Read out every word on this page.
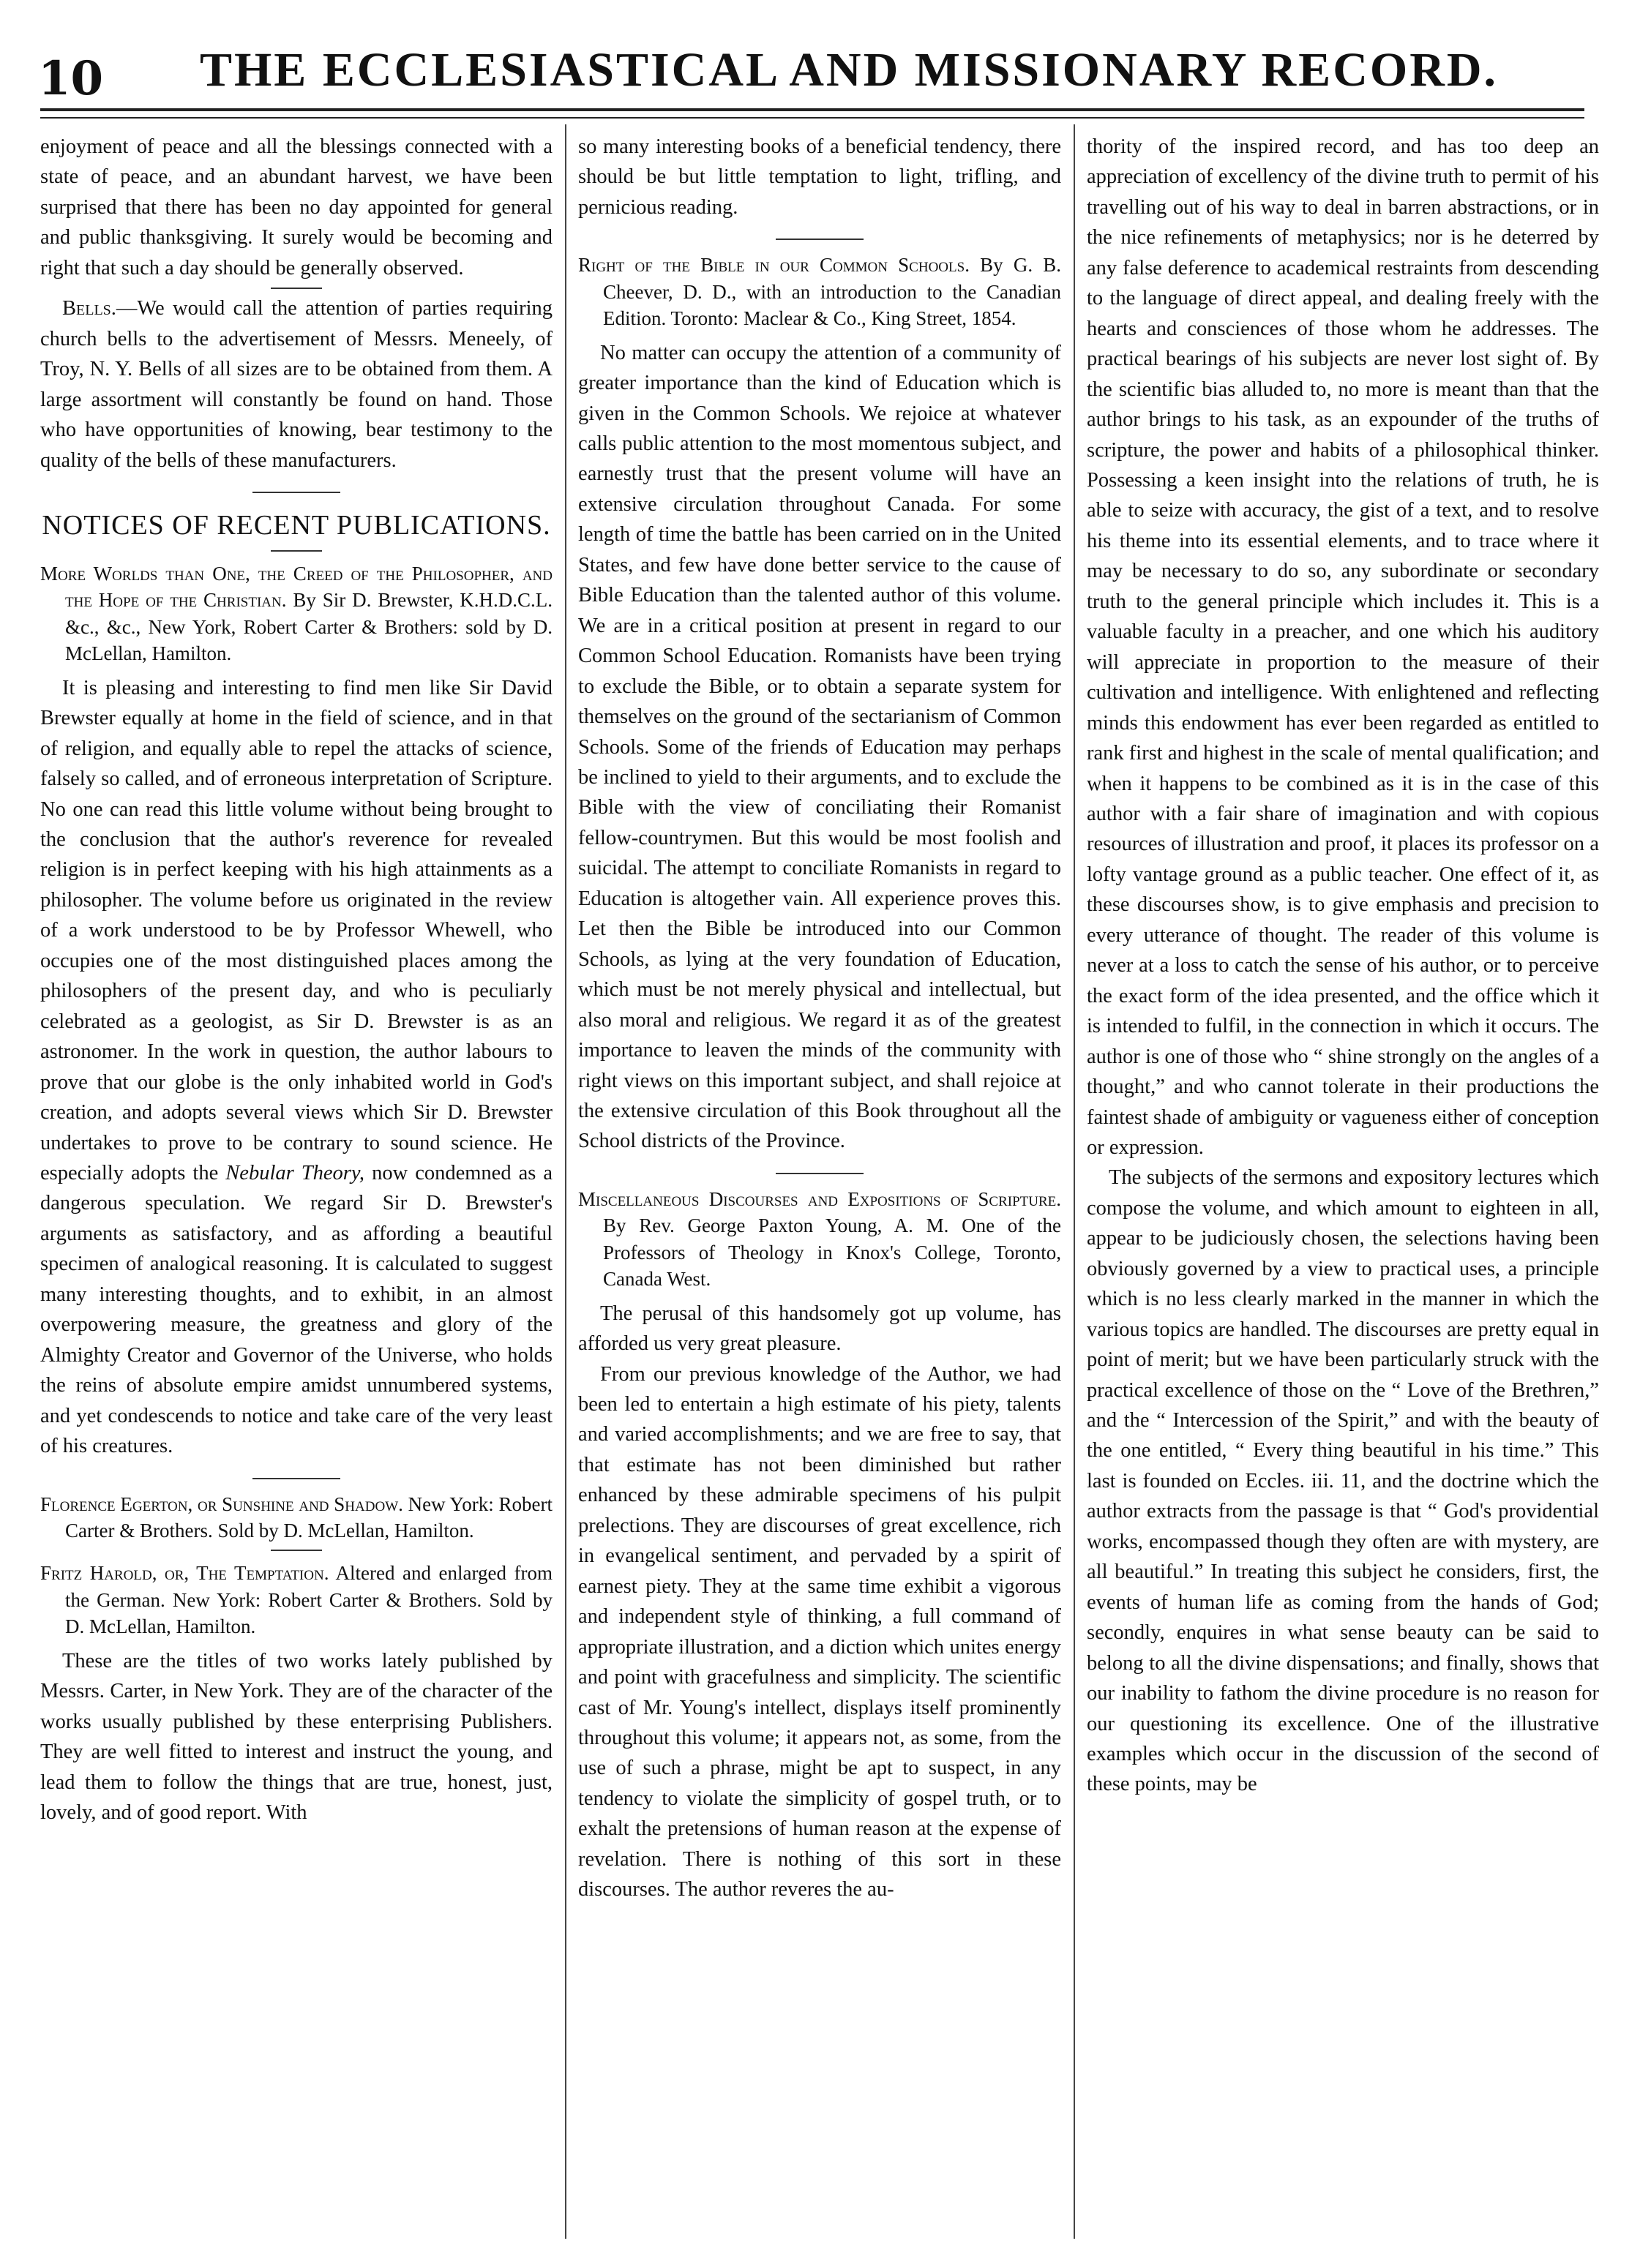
10	THE ECCLESIASTICAL AND MISSIONARY RECORD.

enjoyment of peace and all the blessings connected with a state of peace, and an abundant harvest, we have been surprised that there has been no day appointed for general and public thanksgiving. It surely would be becoming and right that such a day should be generally observed.

Bells.—We would call the attention of parties requiring church bells to the advertisement of Messrs. Meneely, of Troy, N. Y. Bells of all sizes are to be obtained from them. A large assortment will constantly be found on hand. Those who have opportunities of knowing, bear testimony to the quality of the bells of these manufacturers.

NOTICES OF RECENT PUBLICATIONS.
More Worlds than One, the Creed of the Philosopher, and the Hope of the Christian. By Sir D. Brewster, K.H.D.C.L. &c., &c., New York, Robert Carter & Brothers: sold by D. McLellan, Hamilton.

It is pleasing and interesting to find men like Sir David Brewster equally at home in the field of science, and in that of religion, and equally able to repel the attacks of science, falsely so called, and of erroneous interpretation of Scripture. No one can read this little volume without being brought to the conclusion that the author's reverence for revealed religion is in perfect keeping with his high attainments as a philosopher. The volume before us originated in the review of a work understood to be by Professor Whewell, who occupies one of the most distinguished places among the philosophers of the present day, and who is peculiarly celebrated as a geologist, as Sir D. Brewster is as an astronomer. In the work in question, the author labours to prove that our globe is the only inhabited world in God's creation, and adopts several views which Sir D. Brewster undertakes to prove to be contrary to sound science. He especially adopts the Nebular Theory, now condemned as a dangerous speculation. We regard Sir D. Brewster's arguments as satisfactory, and as affording a beautiful specimen of analogical reasoning. It is calculated to suggest many interesting thoughts, and to exhibit, in an almost overpowering measure, the greatness and glory of the Almighty Creator and Governor of the Universe, who holds the reins of absolute empire amidst unnumbered systems, and yet condescends to notice and take care of the very least of his creatures.

Florence Egerton, or Sunshine and Shadow. New York: Robert Carter & Brothers. Sold by D. McLellan, Hamilton.
Fritz Harold, or, The Temptation. Altered and enlarged from the German. New York: Robert Carter & Brothers. Sold by D. McLellan, Hamilton.

These are the titles of two works lately published by Messrs. Carter, in New York. They are of the character of the works usually published by these enterprising Publishers. They are well fitted to interest and instruct the young, and lead them to follow the things that are true, honest, just, lovely, and of good report. With

so many interesting books of a beneficial tendency, there should be but little temptation to light, trifling, and pernicious reading.

Right of the Bible in our Common Schools. By G. B. Cheever, D. D., with an introduction to the Canadian Edition. Toronto: Maclear & Co., King Street, 1854.

No matter can occupy the attention of a community of greater importance than the kind of Education which is given in the Common Schools. We rejoice at whatever calls public attention to the most momentous subject, and earnestly trust that the present volume will have an extensive circulation throughout Canada. For some length of time the battle has been carried on in the United States, and few have done better service to the cause of Bible Education than the talented author of this volume. We are in a critical position at present in regard to our Common School Education. Romanists have been trying to exclude the Bible, or to obtain a separate system for themselves on the ground of the sectarianism of Common Schools. Some of the friends of Education may perhaps be inclined to yield to their arguments, and to exclude the Bible with the view of conciliating their Romanist fellow-countrymen. But this would be most foolish and suicidal. The attempt to conciliate Romanists in regard to Education is altogether vain. All experience proves this. Let then the Bible be introduced into our Common Schools, as lying at the very foundation of Education, which must be not merely physical and intellectual, but also moral and religious. We regard it as of the greatest importance to leaven the minds of the community with right views on this important subject, and shall rejoice at the extensive circulation of this Book throughout all the School districts of the Province.

Miscellaneous Discourses and Expositions of Scripture. By Rev. George Paxton Young, A. M. One of the Professors of Theology in Knox's College, Toronto, Canada West.

The perusal of this handsomely got up volume, has afforded us very great pleasure.

From our previous knowledge of the Author, we had been led to entertain a high estimate of his piety, talents and varied accomplishments; and we are free to say, that that estimate has not been diminished but rather enhanced by these admirable specimens of his pulpit prelections. They are discourses of great excellence, rich in evangelical sentiment, and pervaded by a spirit of earnest piety. They at the same time exhibit a vigorous and independent style of thinking, a full command of appropriate illustration, and a diction which unites energy and point with gracefulness and simplicity. The scientific cast of Mr. Young's intellect, displays itself prominently throughout this volume; it appears not, as some, from the use of such a phrase, might be apt to suspect, in any tendency to violate the simplicity of gospel truth, or to exhalt the pretensions of human reason at the expense of revelation. There is nothing of this sort in these discourses. The author reveres the au-

thority of the inspired record, and has too deep an appreciation of excellency of the divine truth to permit of his travelling out of his way to deal in barren abstractions, or in the nice refinements of metaphysics; nor is he deterred by any false deference to academical restraints from descending to the language of direct appeal, and dealing freely with the hearts and consciences of those whom he addresses. The practical bearings of his subjects are never lost sight of. By the scientific bias alluded to, no more is meant than that the author brings to his task, as an expounder of the truths of scripture, the power and habits of a philosophical thinker. Possessing a keen insight into the relations of truth, he is able to seize with accuracy, the gist of a text, and to resolve his theme into its essential elements, and to trace where it may be necessary to do so, any subordinate or secondary truth to the general principle which includes it. This is a valuable faculty in a preacher, and one which his auditory will appreciate in proportion to the measure of their cultivation and intelligence. With enlightened and reflecting minds this endowment has ever been regarded as entitled to rank first and highest in the scale of mental qualification; and when it happens to be combined as it is in the case of this author with a fair share of imagination and with copious resources of illustration and proof, it places its professor on a lofty vantage ground as a public teacher. One effect of it, as these discourses show, is to give emphasis and precision to every utterance of thought. The reader of this volume is never at a loss to catch the sense of his author, or to perceive the exact form of the idea presented, and the office which it is intended to fulfil, in the connection in which it occurs. The author is one of those who “ shine strongly on the angles of a thought,” and who cannot tolerate in their productions the faintest shade of ambiguity or vagueness either of conception or expression.

The subjects of the sermons and expository lectures which compose the volume, and which amount to eighteen in all, appear to be judiciously chosen, the selections having been obviously governed by a view to practical uses, a principle which is no less clearly marked in the manner in which the various topics are handled. The discourses are pretty equal in point of merit; but we have been particularly struck with the practical excellence of those on the “ Love of the Brethren,” and the “ Intercession of the Spirit,” and with the beauty of the one entitled, “ Every thing beautiful in his time.” This last is founded on Eccles. iii. 11, and the doctrine which the author extracts from the passage is that “ God's providential works, encompassed though they often are with mystery, are all beautiful.” In treating this subject he considers, first, the events of human life as coming from the hands of God; secondly, enquires in what sense beauty can be said to belong to all the divine dispensations; and finally, shows that our inability to fathom the divine procedure is no reason for our questioning its excellence. One of the illustrative examples which occur in the discussion of the second of these points, may be
